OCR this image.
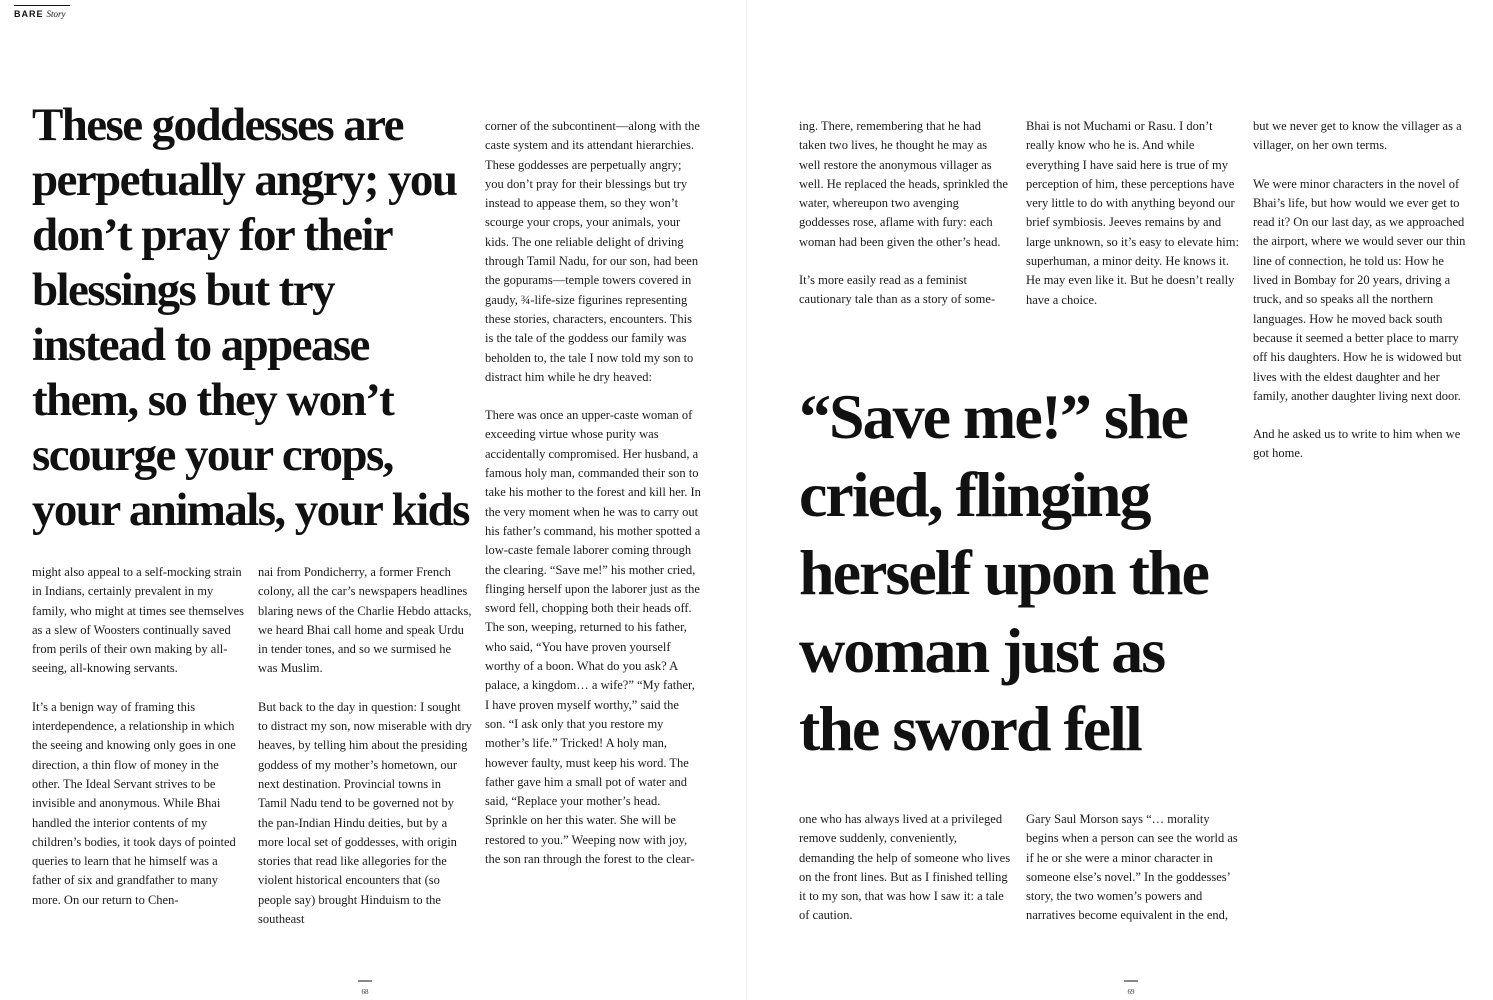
BARE Story
These goddesses are perpetually angry; you don’t pray for their blessings but try instead to appease them, so they won’t scourge your crops, your animals, your kids

might also appeal to a self-mocking strain in Indians, certainly prevalent in my family, who might at times see themselves as a slew of Woosters continually saved from perils of their own making by all-seeing, all-knowing servants.

It’s a benign way of framing this interdependence, a relationship in which the seeing and knowing only goes in one direction, a thin flow of money in the other. The Ideal Servant strives to be invisible and anonymous. While Bhai handled the interior contents of my children’s bodies, it took days of pointed queries to learn that he himself was a father of six and grandfather to many more. On our return to Chen-

nai from Pondicherry, a former French colony, all the car’s newspapers headlines blaring news of the Charlie Hebdo attacks, we heard Bhai call home and speak Urdu in tender tones, and so we surmised he was Muslim.

But back to the day in question: I sought to distract my son, now miserable with dry heaves, by telling him about the presiding goddess of my mother’s hometown, our next destination. Provincial towns in Tamil Nadu tend to be governed not by the pan-Indian Hindu deities, but by a more local set of goddesses, with origin stories that read like allegories for the violent historical encounters that (so people say) brought Hinduism to the southeast

corner of the subcontinent—along with the caste system and its attendant hierarchies. These goddesses are perpetually angry; you don’t pray for their blessings but try instead to appease them, so they won’t scourge your crops, your animals, your kids. The one reliable delight of driving through Tamil Nadu, for our son, had been the gopurams—temple towers covered in gaudy, ¾-life-size figurines representing these stories, characters, encounters. This is the tale of the goddess our family was beholden to, the tale I now told my son to distract him while he dry heaved:

There was once an upper-caste woman of exceeding virtue whose purity was accidentally compromised. Her husband, a famous holy man, commanded their son to take his mother to the forest and kill her. In the very moment when he was to carry out his father’s command, his mother spotted a low-caste female laborer coming through the clearing. “Save me!” his mother cried, flinging herself upon the laborer just as the sword fell, chopping both their heads off. The son, weeping, returned to his father, who said, “You have proven yourself worthy of a boon. What do you ask? A palace, a kingdom… a wife?” “My father, I have proven myself worthy,” said the son. “I ask only that you restore my mother’s life.” Tricked! A holy man, however faulty, must keep his word. The father gave him a small pot of water and said, “Replace your mother’s head. Sprinkle on her this water. She will be restored to you.” Weeping now with joy, the son ran through the forest to the clear-

68

ing. There, remembering that he had taken two lives, he thought he may as well restore the anonymous villager as well. He replaced the heads, sprinkled the water, whereupon two avenging goddesses rose, aflame with fury: each woman had been given the other’s head.

It’s more easily read as a feminist cautionary tale than as a story of some-

Bhai is not Muchami or Rasu. I don’t really know who he is. And while everything I have said here is true of my perception of him, these perceptions have very little to do with anything beyond our brief symbiosis. Jeeves remains by and large unknown, so it’s easy to elevate him: superhuman, a minor deity. He knows it. He may even like it. But he doesn’t really have a choice.

but we never get to know the villager as a villager, on her own terms.

We were minor characters in the novel of Bhai’s life, but how would we ever get to read it? On our last day, as we approached the airport, where we would sever our thin line of connection, he told us: How he lived in Bombay for 20 years, driving a truck, and so speaks all the northern languages. How he moved back south because it seemed a better place to marry off his daughters. How he is widowed but lives with the eldest daughter and her family, another daughter living next door.

And he asked us to write to him when we got home.

“Save me!” she cried, flinging herself upon the woman just as the sword fell

one who has always lived at a privileged remove suddenly, conveniently, demanding the help of someone who lives on the front lines. But as I finished telling it to my son, that was how I saw it: a tale of caution.

Gary Saul Morson says “… morality begins when a person can see the world as if he or she were a minor character in someone else’s novel.” In the goddesses’ story, the two women’s powers and narratives become equivalent in the end,

69
